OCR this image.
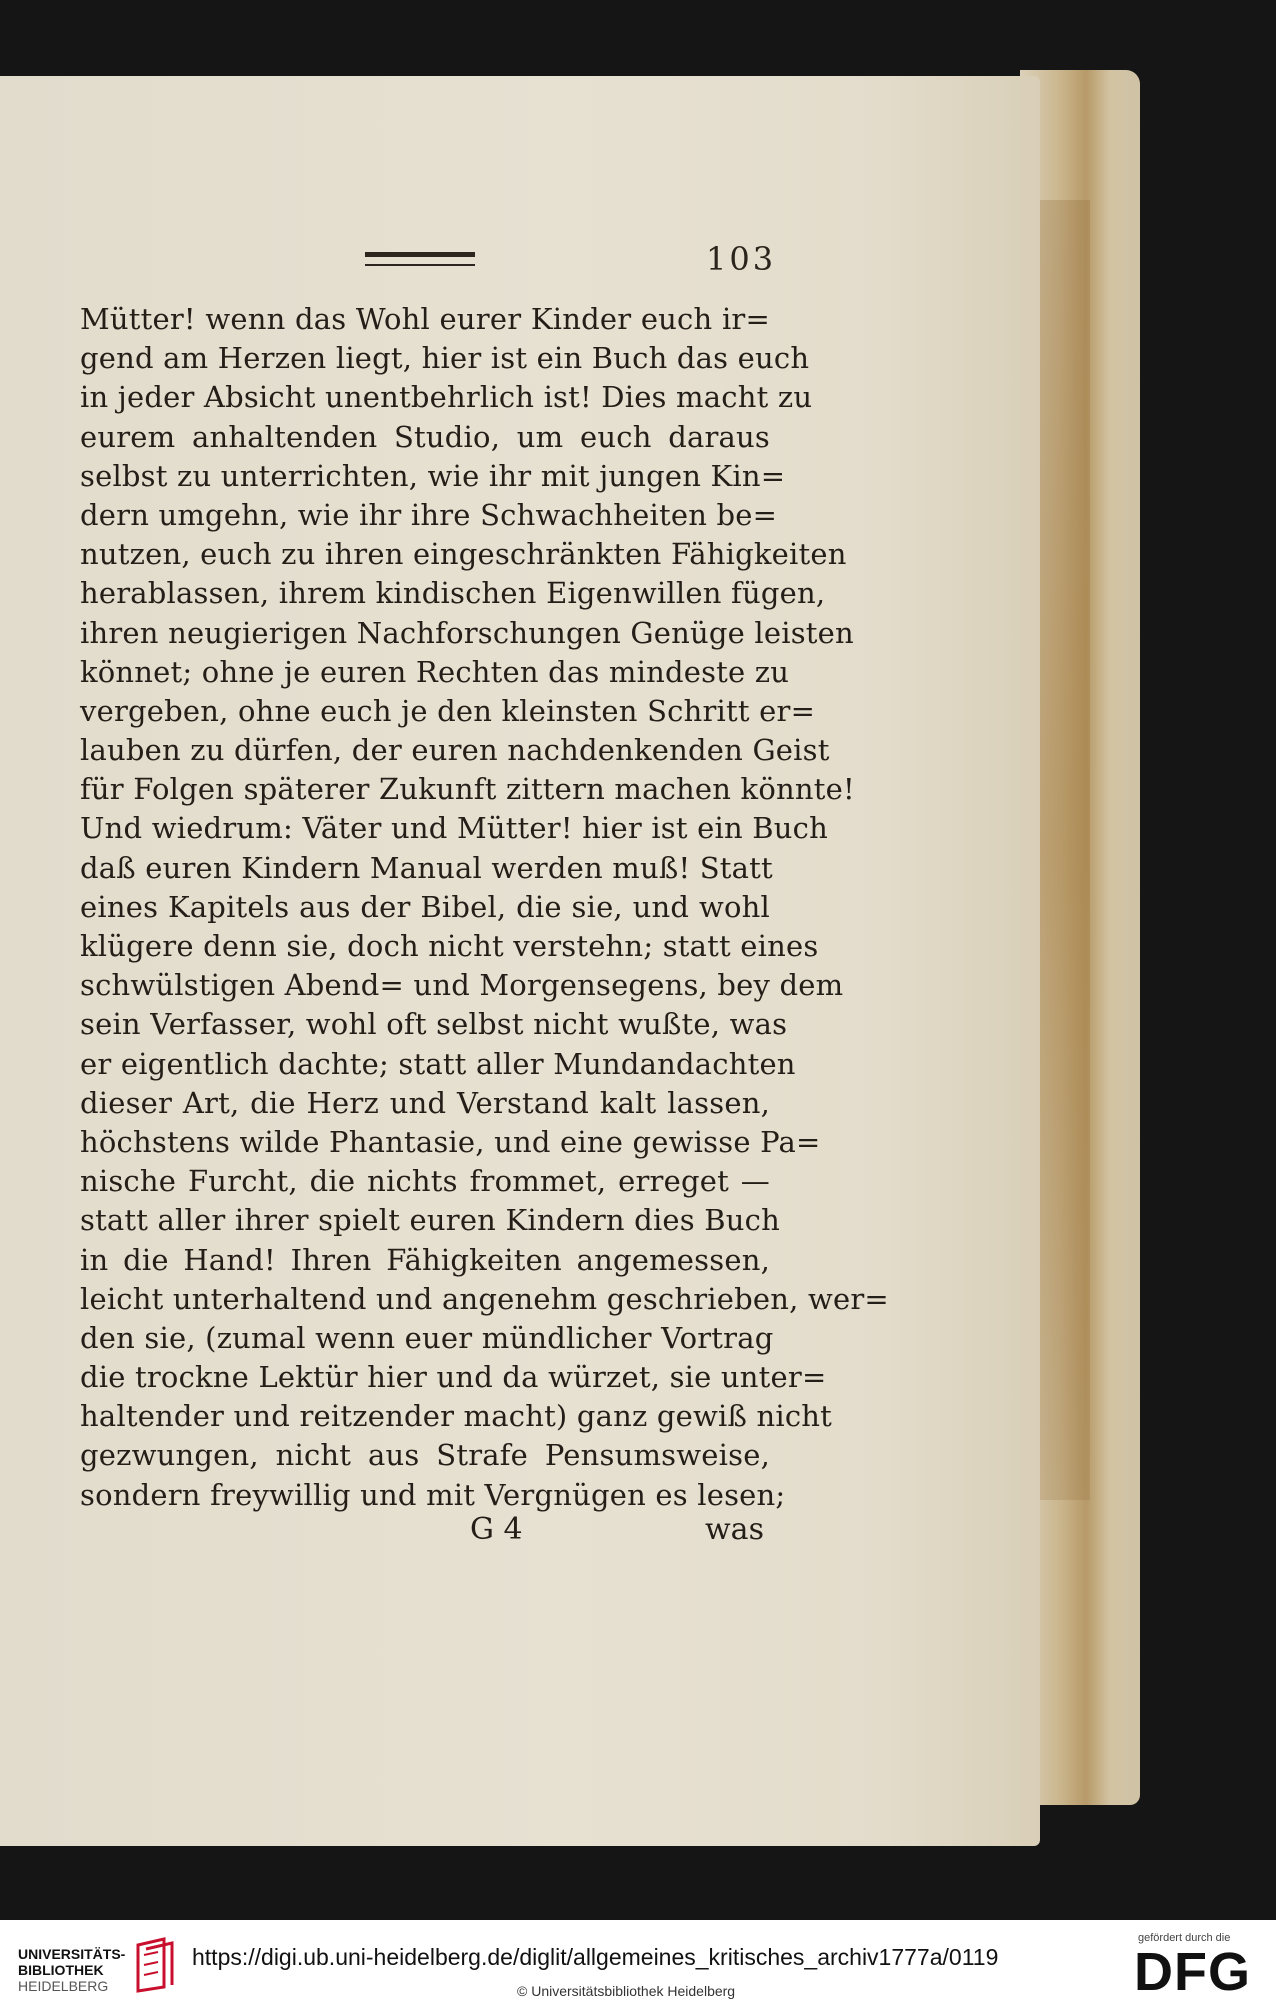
103
Mütter! wenn das Wohl eurer Kinder euch ir=
gend am Herzen liegt, hier ist ein Buch das euch
in jeder Absicht unentbehrlich ist! Dies macht zu
eurem anhaltenden Studio, um euch daraus
selbst zu unterrichten, wie ihr mit jungen Kin=
dern umgehn, wie ihr ihre Schwachheiten be=
nutzen, euch zu ihren eingeschränkten Fähigkeiten
herablassen, ihrem kindischen Eigenwillen fügen,
ihren neugierigen Nachforschungen Genüge leisten
könnet; ohne je euren Rechten das mindeste zu
vergeben, ohne euch je den kleinsten Schritt er=
lauben zu dürfen, der euren nachdenkenden Geist
für Folgen späterer Zukunft zittern machen könnte!
Und wiedrum: Väter und Mütter! hier ist ein Buch
daß euren Kindern Manual werden muß! Statt
eines Kapitels aus der Bibel, die sie, und wohl
klügere denn sie, doch nicht verstehn; statt eines
schwülstigen Abend= und Morgensegens, bey dem
sein Verfasser, wohl oft selbst nicht wußte, was
er eigentlich dachte; statt aller Mundandachten
dieser Art, die Herz und Verstand kalt lassen,
höchstens wilde Phantasie, und eine gewisse Pa=
nische Furcht, die nichts frommet, erreget —
statt aller ihrer spielt euren Kindern dies Buch
in die Hand! Ihren Fähigkeiten angemessen,
leicht unterhaltend und angenehm geschrieben, wer=
den sie, (zumal wenn euer mündlicher Vortrag
die trockne Lektür hier und da würzet, sie unter=
haltender und reitzender macht) ganz gewiß nicht
gezwungen, nicht aus Strafe Pensumsweise,
sondern freywillig und mit Vergnügen es lesen;
G 4	was
UNIVERSITÄTS-
BIBLIOTHEK
HEIDELBERG
https://digi.ub.uni-heidelberg.de/diglit/allgemeines_kritisches_archiv1777a/0119
© Universitätsbibliothek Heidelberg
gefördert durch die
DFG
